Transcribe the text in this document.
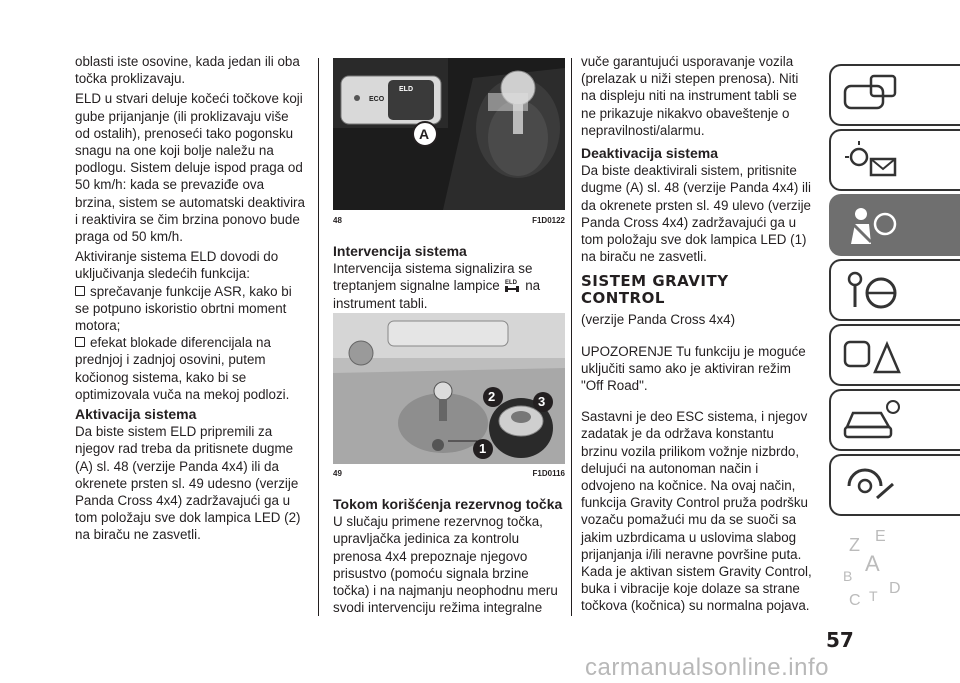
oblasti iste osovine, kada jedan ili oba točka proklizavaju.

ELD u stvari deluje kočeći točkove koji gube prijanjanje (ili proklizavaju više od ostalih), prenoseći tako pogonsku snagu na one koji bolje naležu na podlogu. Sistem deluje ispod praga od 50 km/h: kada se prevaziđe ova brzina, sistem se automatski deaktivira i reaktivira se čim brzina ponovo bude praga od 50 km/h.

Aktiviranje sistema ELD dovodi do uključivanja sledećih funkcija:

sprečavanje funkcije ASR, kako bi se potpuno iskoristio obrtni moment motora;

efekat blokade diferencijala na prednjoj i zadnjoj osovini, putem kočionog sistema, kako bi se optimizovala vuča na mekoj podlozi.

Aktivacija sistema

Da biste sistem ELD pripremili za njegov rad treba da pritisnete dugme (A) sl. 48 (verzije Panda 4x4) ili da okrenete prsten sl. 49 udesno (verzije Panda Cross 4x4) zadržavajući ga u tom položaju sve dok lampica LED (2) na biraču ne zasvetli.

ECO
ELD
A
48	F1D0122
Intervencija sistema

Intervencija sistema signalizira se treptanjem signalne lampice ELD na instrument tabli.

2	3
1
49	F1D0116
Tokom korišćenja rezervnog točka

U slučaju primene rezervnog točka, upravljačka jedinica za kontrolu prenosa 4x4 prepoznaje njegovo prisustvo (pomoću signala brzine točka) i na najmanju neophodnu meru svodi intervenciju režima integralne

vuče garantujući usporavanje vozila (prelazak u niži stepen prenosa). Niti na displeju niti na instrument tabli se ne prikazuje nikakvo obaveštenje o nepravilnosti/alarmu.

Deaktivacija sistema

Da biste deaktivirali sistem, pritisnite dugme (A) sl. 48 (verzije Panda 4x4) ili da okrenete prsten sl. 49 ulevo (verzije Panda Cross 4x4) zadržavajući ga u tom položaju sve dok lampica LED (1) na biraču ne zasvetli.

SISTEM GRAVITY
CONTROL

(verzije Panda Cross 4x4)

UPOZORENJE Tu funkciju je moguće uključiti samo ako je aktiviran režim "Off Road".

Sastavni je deo ESC sistema, i njegov zadatak je da održava konstantu brzinu vozila prilikom vožnje nizbrdo, delujući na autonoman način i odvojeno na kočnice. Na ovaj način, funkcija Gravity Control pruža podršku vozaču pomažući mu da se suoči sa jakim uzbrdicama u uslovima slabog prijanjanja i/ili neravne površine puta. Kada je aktivan sistem Gravity Control, buka i vibracije koje dolaze sa strane točkova (kočnica) su normalna pojava.

Z E
B A
C T D
57
carmanualsonline.info
